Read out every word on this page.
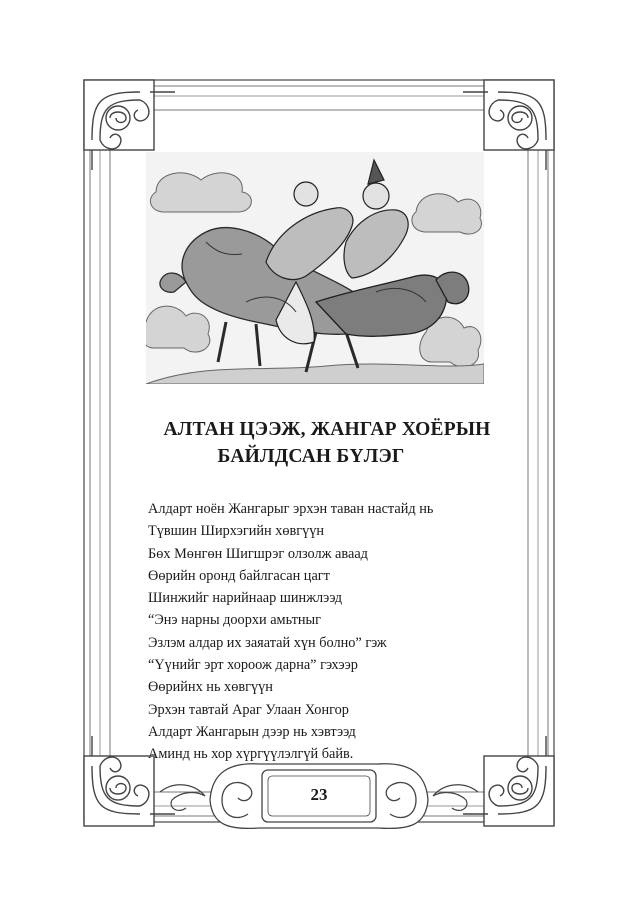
АЛТАН ЦЭЭЖ, ЖАНГАР ХОЁРЫН
БАЙЛДСАН БҮЛЭГ
Алдарт ноён Жангарыг эрхэн таван настайд нь
Түвшин Ширхэгийн хөвгүүн
Бөх Мөнгөн Шигшрэг олзолж аваад
Өөрийн оронд байлгасан цагт
Шинжийг нарийнаар шинжлээд
“Энэ нарны доорхи амьтныг
Эзлэм алдар их заяатай хүн болно” гэж
“Үүнийг эрт хороож дарна” гэхээр
Өөрийнх нь хөвгүүн
Эрхэн тавтай Араг Улаан Хонгор
Алдарт Жангарын дээр нь хэвтээд
Аминд нь хор хүргүүлэлгүй байв.
23
